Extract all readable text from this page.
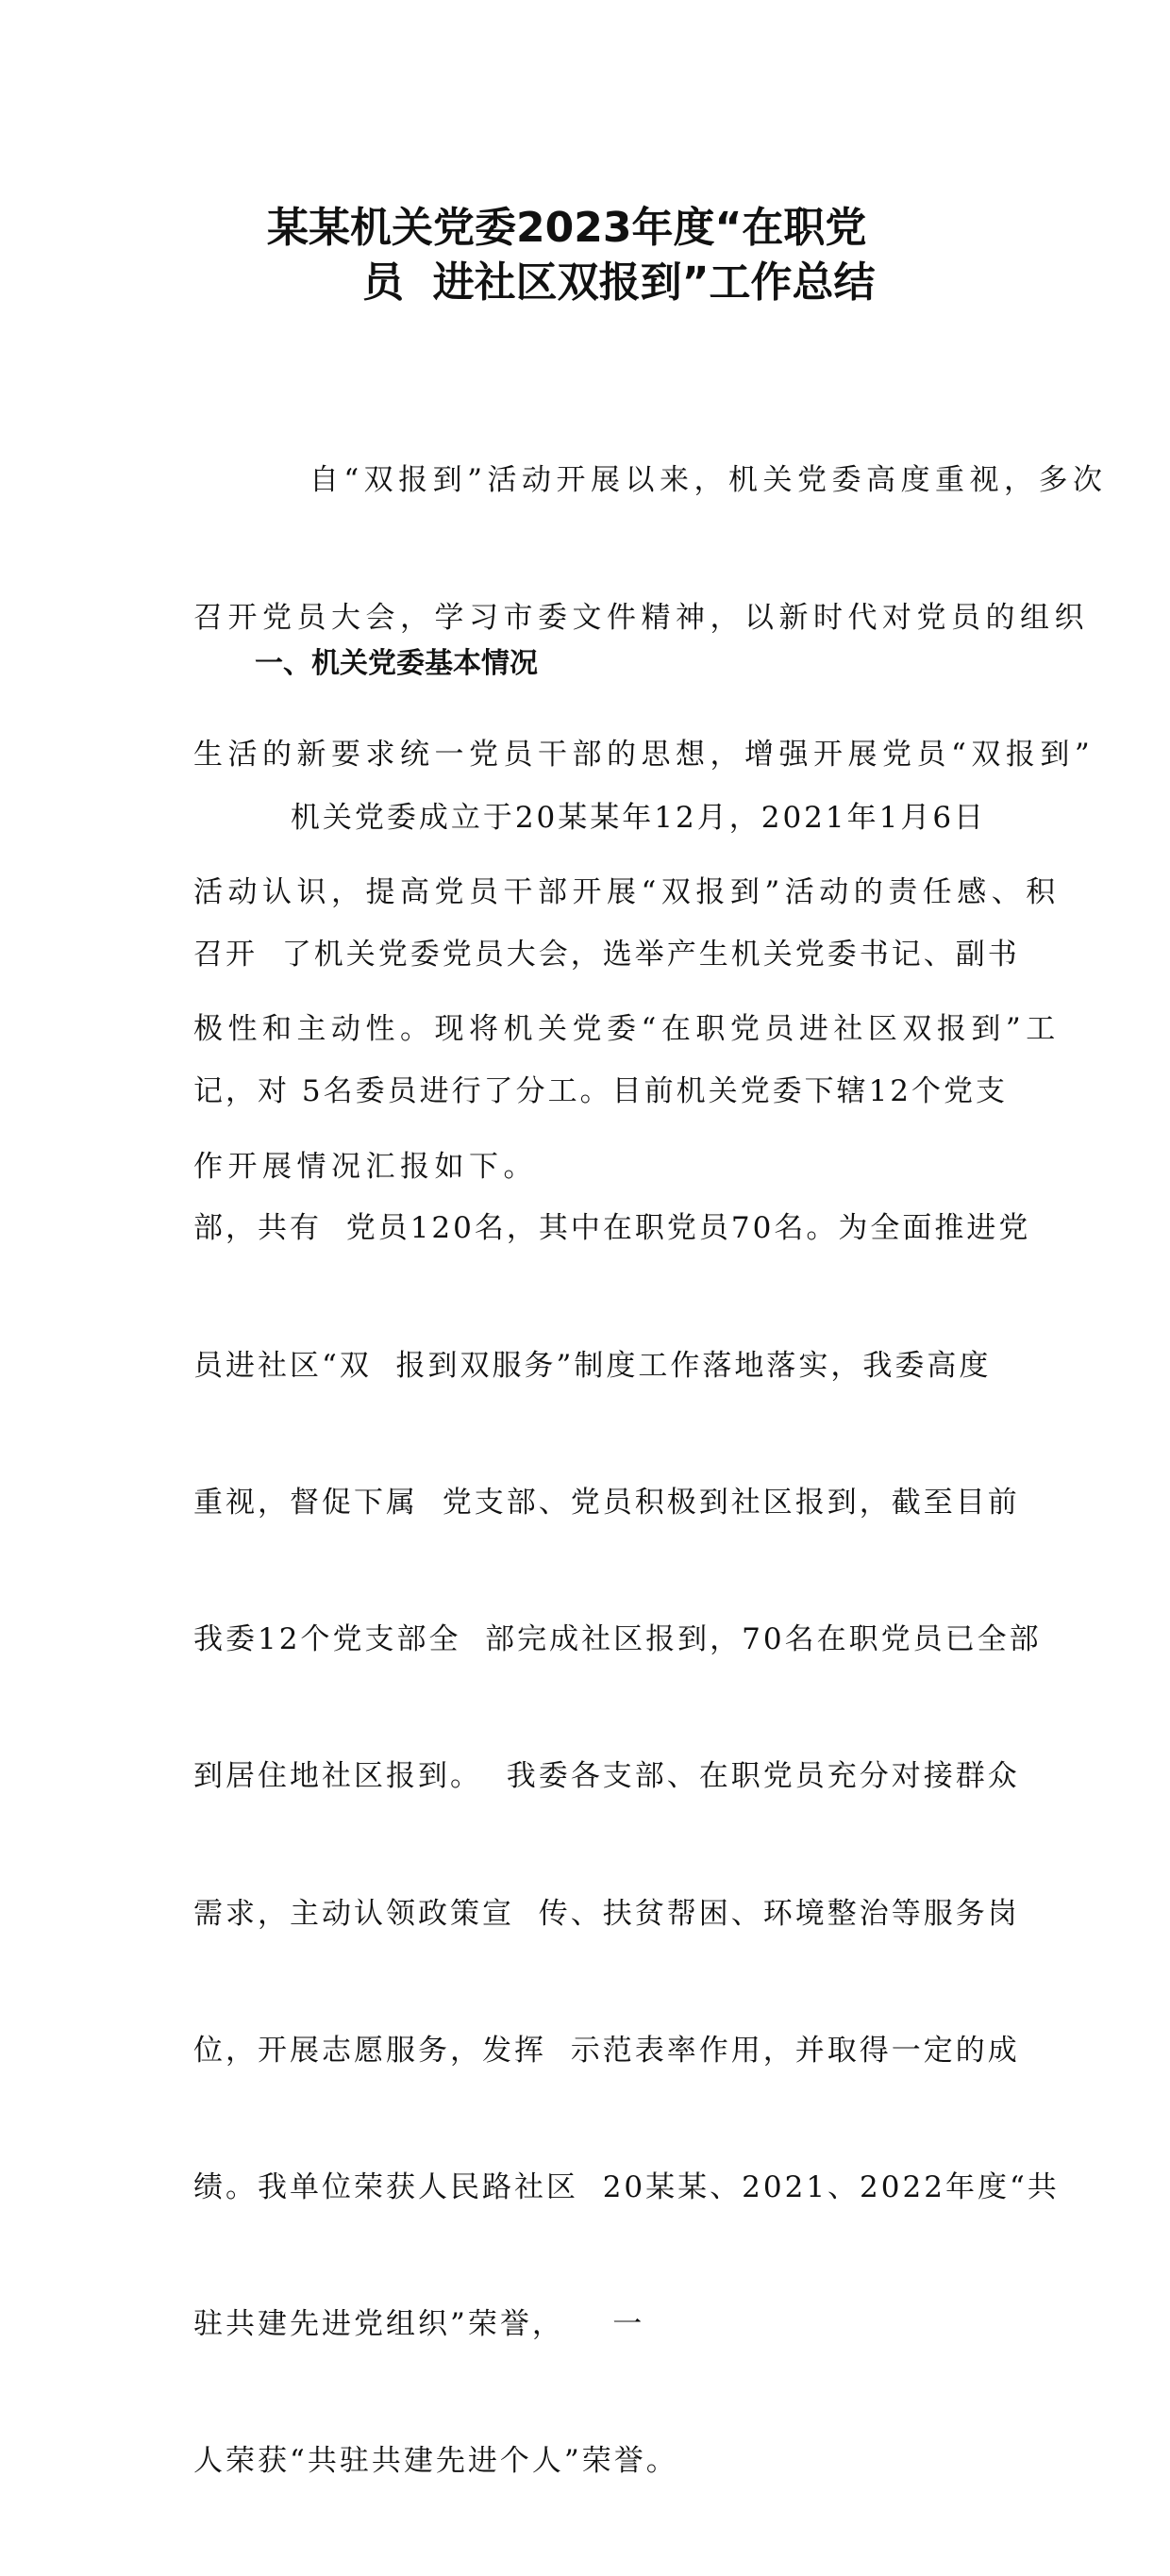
某某机关党委2023年度“在职党
员  进社区双报到”工作总结

自“双报到”活动开展以来，机关党委高度重视，多次

召开党员大会，学习市委文件精神，以新时代对党员的组织

生活的新要求统一党员干部的思想，增强开展党员“双报到”

活动认识，提高党员干部开展“双报到”活动的责任感、积

极性和主动性。现将机关党委“在职党员进社区双报到”工

作开展情况汇报如下。

一、机关党委基本情况

机关党委成立于20某某年12月，2021年1月6日

召开  了机关党委党员大会，选举产生机关党委书记、副书

记，对 5名委员进行了分工。目前机关党委下辖12个党支

部，共有  党员120名，其中在职党员70名。为全面推进党

员进社区“双  报到双服务”制度工作落地落实，我委高度

重视，督促下属  党支部、党员积极到社区报到，截至目前

我委12个党支部全  部完成社区报到，70名在职党员已全部

到居住地社区报到。  我委各支部、在职党员充分对接群众

需求，主动认领政策宣  传、扶贫帮困、环境整治等服务岗

位，开展志愿服务，发挥  示范表率作用，并取得一定的成

绩。我单位荣获人民路社区  20某某、2021、2022年度“共

驻共建先进党组织”荣誉，    一

人荣获“共驻共建先进个人”荣誉。
